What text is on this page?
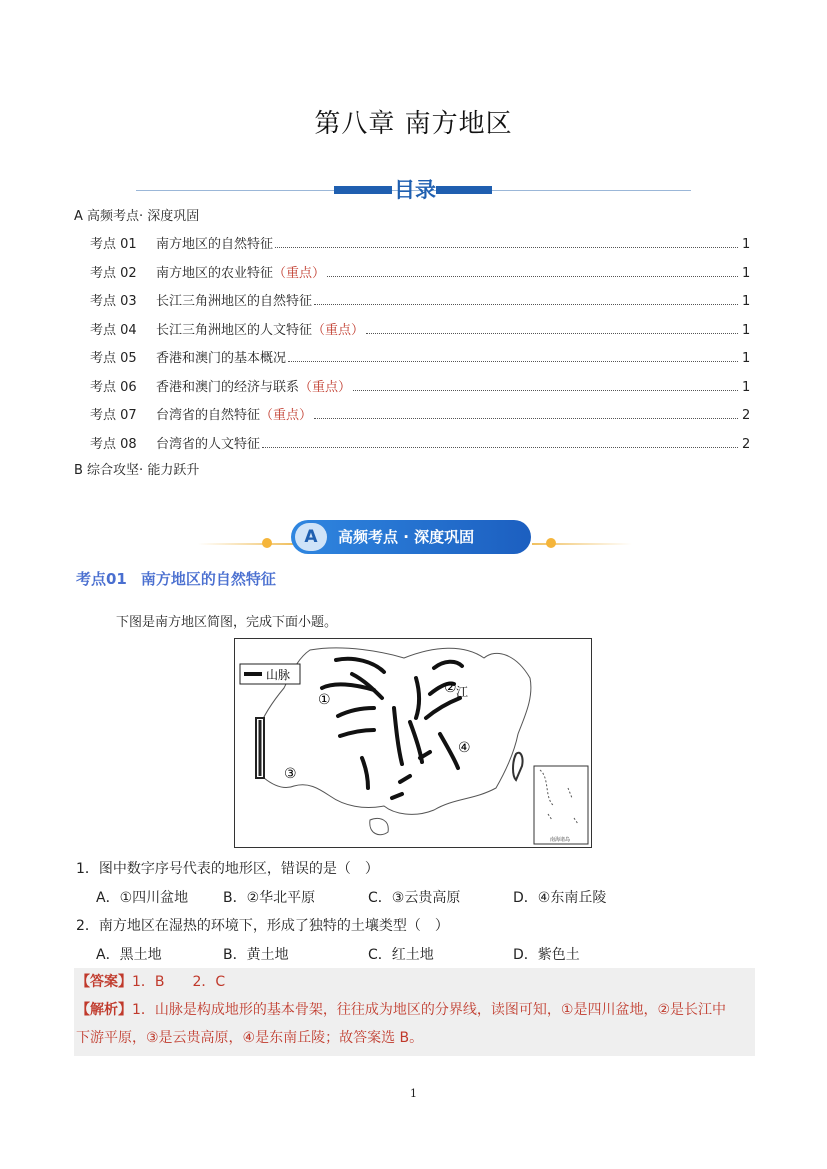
第八章 南方地区
目录
A 高频考点· 深度巩固
考点 01	南方地区的自然特征	1
考点 02	南方地区的农业特征 （重点）	1
考点 03	长江三角洲地区的自然特征	1
考点 04	长江三角洲地区的人文特征 （重点）	1
考点 05	香港和澳门的基本概况	1
考点 06	香港和澳门的经济与联系 （重点）	1
考点 07	台湾省的自然特征 （重点）	2
考点 08	台湾省的人文特征	2
B 综合攻坚· 能力跃升
A	高频考点 · 深度巩固
考点01 南方地区的自然特征
下图是南方地区简图，完成下面小题。
山脉
①
② 江
③
④
南海诸岛
1．图中数字序号代表的地形区，错误的是（　）
A．①四川盆地	B．②华北平原	C．③云贵高原	D．④东南丘陵
2．南方地区在湿热的环境下，形成了独特的土壤类型（　）
A．黑土地	B．黄土地	C．红土地	D．紫色土
【答案】1．B　　2．C
【解析】1．山脉是构成地形的基本骨架，往往成为地区的分界线，读图可知，①是四川盆地，②是长江中
下游平原，③是云贵高原，④是东南丘陵；故答案选 B。
1
